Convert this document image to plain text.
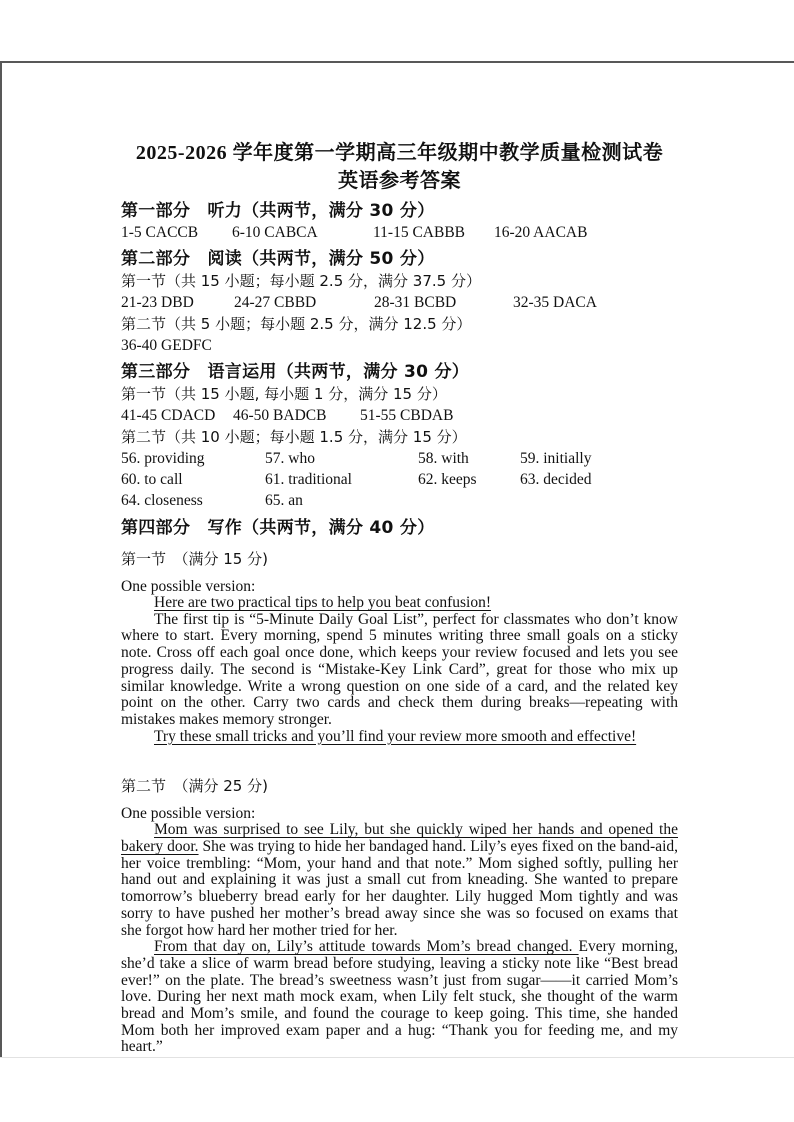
2025-2026 学年度第一学期高三年级期中教学质量检测试卷
英语参考答案
第一部分　听力（共两节，满分 30 分）
1-5 CACCB	6-10 CABCA	11-15 CABBB	16-20 AACAB
第二部分　阅读（共两节，满分 50 分）
第一节（共 15 小题；每小题 2.5 分，满分 37.5 分）
21-23 DBD	24-27 CBBD	28-31 BCBD	32-35 DACA
第二节（共 5 小题；每小题 2.5 分，满分 12.5 分）
36-40 GEDFC
第三部分　语言运用（共两节，满分 30 分）
第一节（共 15 小题, 每小题 1 分，满分 15 分）
41-45 CDACD	46-50 BADCB	51-55 CBDAB
第二节（共 10 小题；每小题 1.5 分，满分 15 分）
56. providing	57. who	58. with	59. initially
60. to call	61. traditional	62. keeps	63. decided
64. closeness	65. an
第四部分　写作（共两节，满分 40 分）
第一节　（满分 15 分)
One possible version:

Here are two practical tips to help you beat confusion!

The first tip is “5-Minute Daily Goal List”, perfect for classmates who don’t know where to start. Every morning, spend 5 minutes writing three small goals on a sticky note. Cross off each goal once done, which keeps your review focused and lets you see progress daily. The second is “Mistake-Key Link Card”, great for those who mix up similar knowledge. Write a wrong question on one side of a card, and the related key point on the other. Carry two cards and check them during breaks—repeating with mistakes makes memory stronger.

Try these small tricks and you’ll find your review more smooth and effective!

第二节　（满分 25 分)
One possible version:

Mom was surprised to see Lily, but she quickly wiped her hands and opened the bakery door. She was trying to hide her bandaged hand. Lily’s eyes fixed on the band-aid, her voice trembling: “Mom, your hand and that note.” Mom sighed softly, pulling her hand out and explaining it was just a small cut from kneading. She wanted to prepare tomorrow’s blueberry bread early for her daughter. Lily hugged Mom tightly and was sorry to have pushed her mother’s bread away since she was so focused on exams that she forgot how hard her mother tried for her.

From that day on, Lily’s attitude towards Mom’s bread changed. Every morning, she’d take a slice of warm bread before studying, leaving a sticky note like “Best bread ever!” on the plate. The bread’s sweetness wasn’t just from sugar——it carried Mom’s love. During her next math mock exam, when Lily felt stuck, she thought of the warm bread and Mom’s smile, and found the courage to keep going. This time, she handed Mom both her improved exam paper and a hug: “Thank you for feeding me, and my heart.”
